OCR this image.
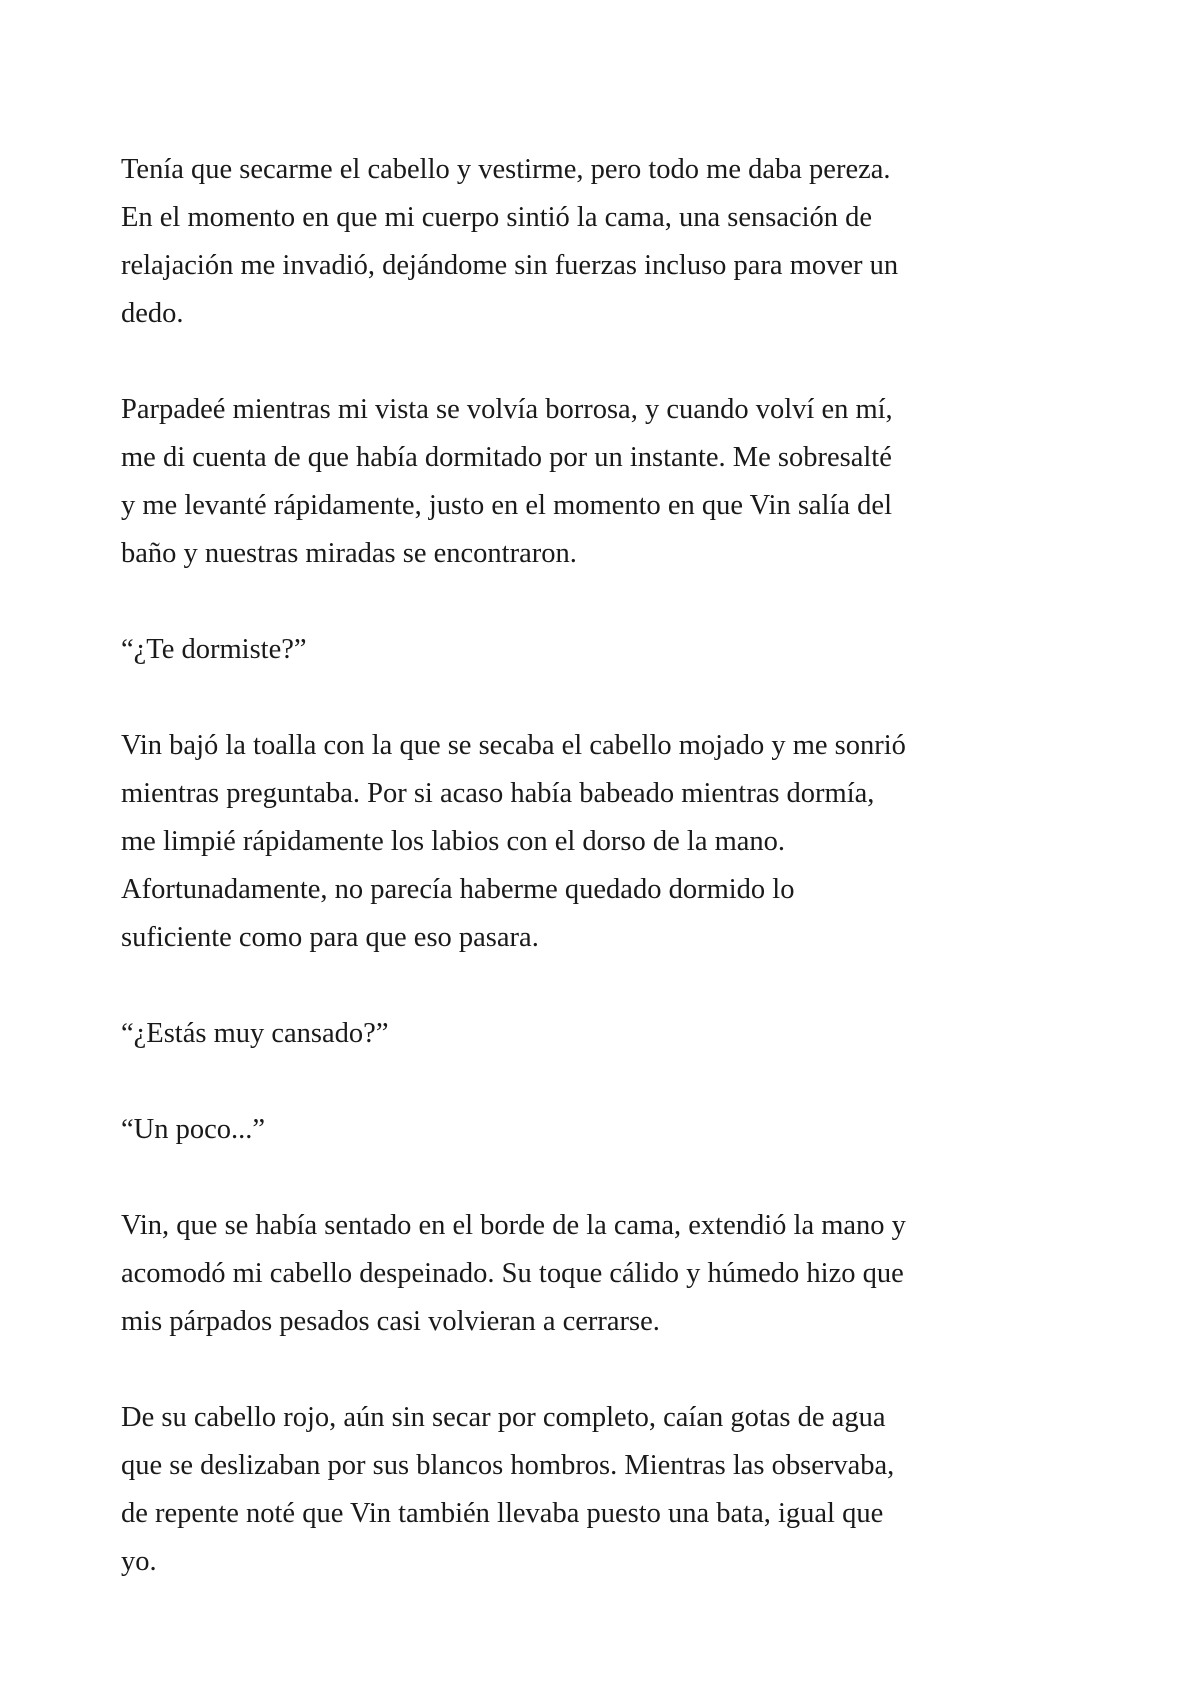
Tenía que secarme el cabello y vestirme, pero todo me daba pereza.
En el momento en que mi cuerpo sintió la cama, una sensación de
relajación me invadió, dejándome sin fuerzas incluso para mover un
dedo.

Parpadeé mientras mi vista se volvía borrosa, y cuando volví en mí,
me di cuenta de que había dormitado por un instante. Me sobresalté
y me levanté rápidamente, justo en el momento en que Vin salía del
baño y nuestras miradas se encontraron.

“¿Te dormiste?”

Vin bajó la toalla con la que se secaba el cabello mojado y me sonrió
mientras preguntaba. Por si acaso había babeado mientras dormía,
me limpié rápidamente los labios con el dorso de la mano.
Afortunadamente, no parecía haberme quedado dormido lo
suficiente como para que eso pasara.

“¿Estás muy cansado?”

“Un poco...”

Vin, que se había sentado en el borde de la cama, extendió la mano y
acomodó mi cabello despeinado. Su toque cálido y húmedo hizo que
mis párpados pesados casi volvieran a cerrarse.

De su cabello rojo, aún sin secar por completo, caían gotas de agua
que se deslizaban por sus blancos hombros. Mientras las observaba,
de repente noté que Vin también llevaba puesto una bata, igual que
yo.
